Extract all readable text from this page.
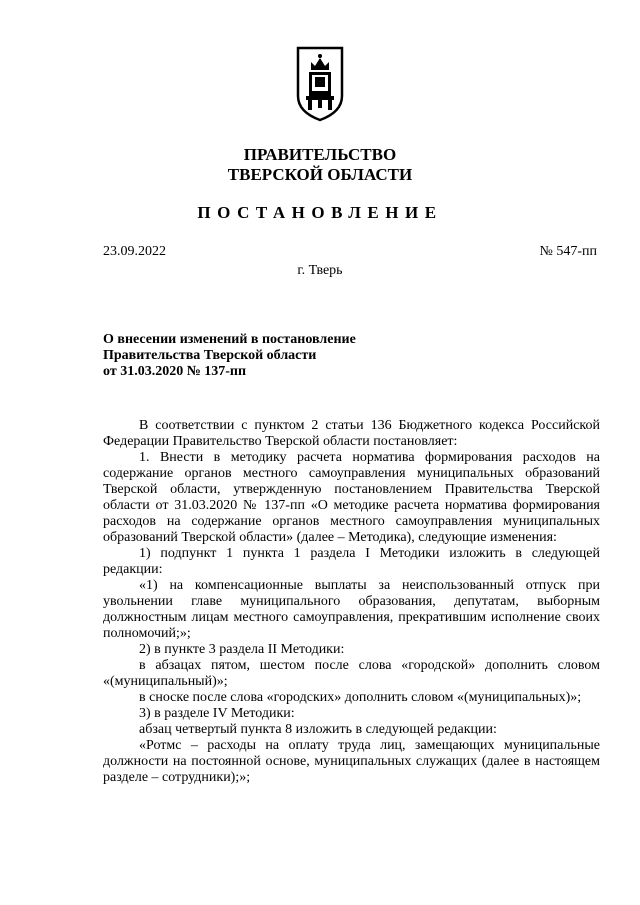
ПРАВИТЕЛЬСТВО
ТВЕРСКОЙ ОБЛАСТИ
ПОСТАНОВЛЕНИЕ
23.09.2022	№ 547-пп
г. Тверь
О внесении изменений в постановление
Правительства Тверской области
от 31.03.2020 № 137-пп

В соответствии с пунктом 2 статьи 136 Бюджетного кодекса Российской Федерации Правительство Тверской области постановляет:

1. Внести в методику расчета норматива формирования расходов на содержание органов местного самоуправления муниципальных образований Тверской области, утвержденную постановлением Правительства Тверской области от 31.03.2020 № 137-пп «О методике расчета норматива формирования расходов на содержание органов местного самоуправления муниципальных образований Тверской области» (далее – Методика), следующие изменения:

1) подпункт 1 пункта 1 раздела I Методики изложить в следующей редакции:

«1) на компенсационные выплаты за неиспользованный отпуск при увольнении главе муниципального образования, депутатам, выборным должностным лицам местного самоуправления, прекратившим исполнение своих полномочий;»;

2) в пункте 3 раздела II Методики:

в абзацах пятом, шестом после слова «городской» дополнить словом «(муниципальный)»;

в сноске после слова «городских» дополнить словом «(муниципальных)»;

3) в разделе IV Методики:

абзац четвертый пункта 8 изложить в следующей редакции:

«Ротмс – расходы на оплату труда лиц, замещающих муниципальные должности на постоянной основе, муниципальных служащих (далее в настоящем разделе – сотрудники);»;
